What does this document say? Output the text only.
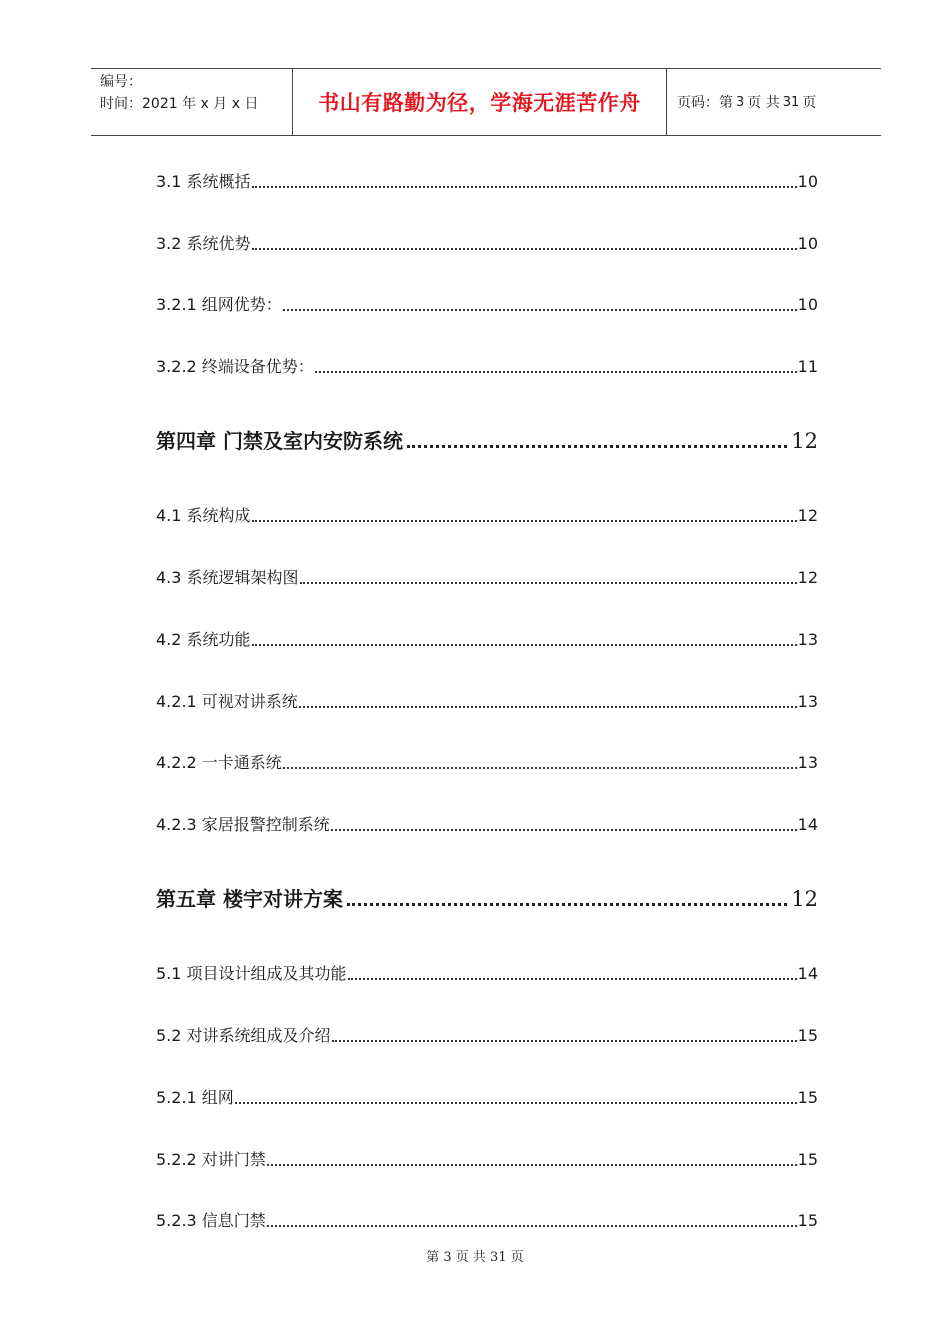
编号：
时间：2021 年 x 月 x 日	书山有路勤为径，学海无涯苦作舟	页码：第 3 页 共 31 页
3.1 系统概括	10
3.2 系统优势	10
3.2.1 组网优势：	10
3.2.2 终端设备优势：	11
第四章 门禁及室内安防系统	12
4.1 系统构成	12
4.3 系统逻辑架构图	12
4.2 系统功能	13
4.2.1 可视对讲系统	13
4.2.2 一卡通系统	13
4.2.3 家居报警控制系统	14
第五章 楼宇对讲方案	12
5.1 项目设计组成及其功能	14
5.2 对讲系统组成及介绍	15
5.2.1 组网	15
5.2.2 对讲门禁	15
5.2.3 信息门禁	15
第 3 页 共 31 页
